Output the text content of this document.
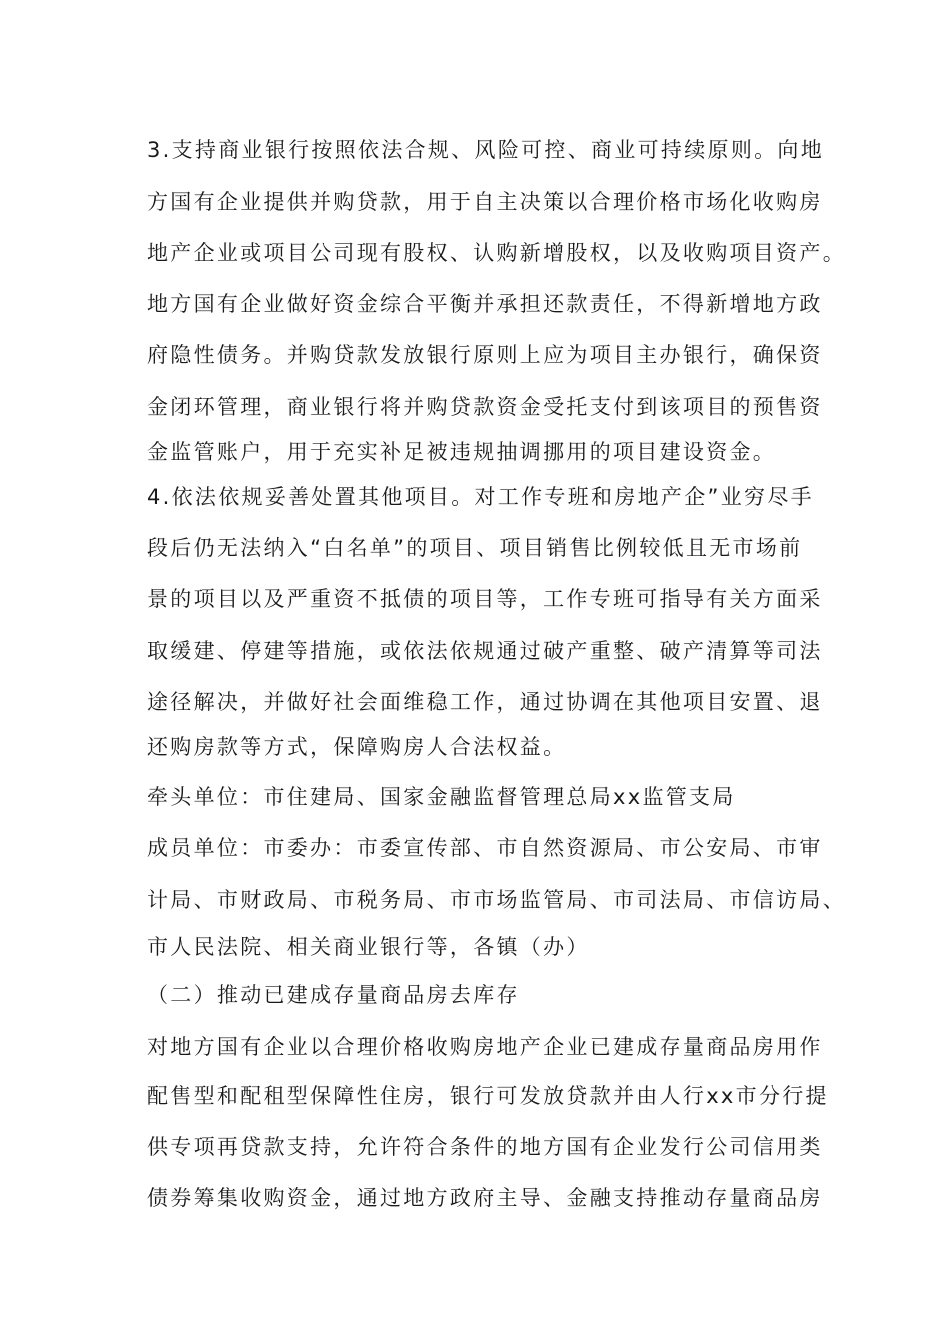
3.支持商业银行按照依法合规、风险可控、商业可持续原则。向地
方国有企业提供并购贷款，用于自主决策以合理价格市场化收购房
地产企业或项目公司现有股权、认购新增股权，以及收购项目资产。
地方国有企业做好资金综合平衡并承担还款责任，不得新增地方政
府隐性债务。并购贷款发放银行原则上应为项目主办银行，确保资
金闭环管理，商业银行将并购贷款资金受托支付到该项目的预售资
金监管账户，用于充实补足被违规抽调挪用的项目建设资金。
4.依法依规妥善处置其他项目。对工作专班和房地产企”业穷尽手
段后仍无法纳入“白名单”的项目、项目销售比例较低且无市场前
景的项目以及严重资不抵债的项目等，工作专班可指导有关方面采
取缓建、停建等措施，或依法依规通过破产重整、破产清算等司法
途径解决，并做好社会面维稳工作，通过协调在其他项目安置、退
还购房款等方式，保障购房人合法权益。
牵头单位：市住建局、国家金融监督管理总局xx监管支局
成员单位：市委办：市委宣传部、市自然资源局、市公安局、市审
计局、市财政局、市税务局、市市场监管局、市司法局、市信访局、
市人民法院、相关商业银行等，各镇（办）
（二）推动已建成存量商品房去库存
对地方国有企业以合理价格收购房地产企业已建成存量商品房用作
配售型和配租型保障性住房，银行可发放贷款并由人行xx市分行提
供专项再贷款支持，允许符合条件的地方国有企业发行公司信用类
债券筹集收购资金，通过地方政府主导、金融支持推动存量商品房
